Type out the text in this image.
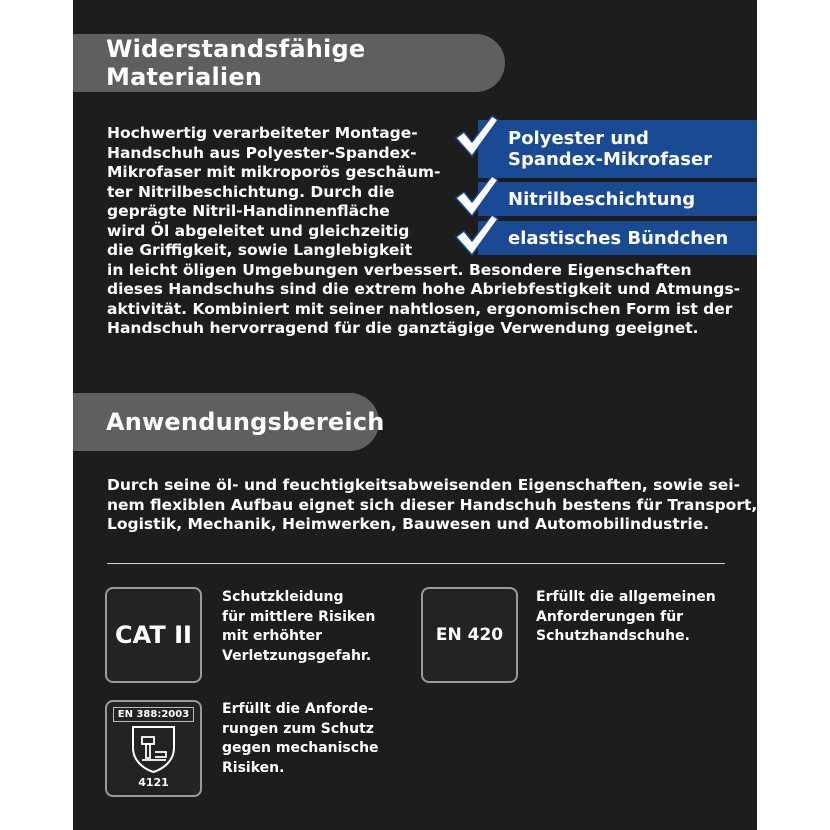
Widerstandsfähige Materialien
Hochwertig verarbeiteter Montage-
Handschuh aus Polyester-Spandex-
Mikrofaser mit mikroporös geschäum-
ter Nitrilbeschichtung. Durch die
geprägte Nitril-Handinnenfläche
wird Öl abgeleitet und gleichzeitig
die Griffigkeit, sowie Langlebigkeit
in leicht öligen Umgebungen verbessert. Besondere Eigenschaften
dieses Handschuhs sind die extrem hohe Abriebfestigkeit und Atmungs-
aktivität. Kombiniert mit seiner nahtlosen, ergonomischen Form ist der
Handschuh hervorragend für die ganztägige Verwendung geeignet.
Polyester und
Spandex-Mikrofaser
Nitrilbeschichtung
elastisches Bündchen
Anwendungsbereich
Durch seine öl- und feuchtigkeitsabweisenden Eigenschaften, sowie sei-
nem flexiblen Aufbau eignet sich dieser Handschuh bestens für Transport,
Logistik, Mechanik, Heimwerken, Bauwesen und Automobilindustrie.
CAT II
Schutzkleidung
für mittlere Risiken
mit erhöhter
Verletzungsgefahr.
EN 420
Erfüllt die allgemeinen
Anforderungen für
Schutzhandschuhe.
EN 388:2003
4121
Erfüllt die Anforde-
rungen zum Schutz
gegen mechanische
Risiken.
